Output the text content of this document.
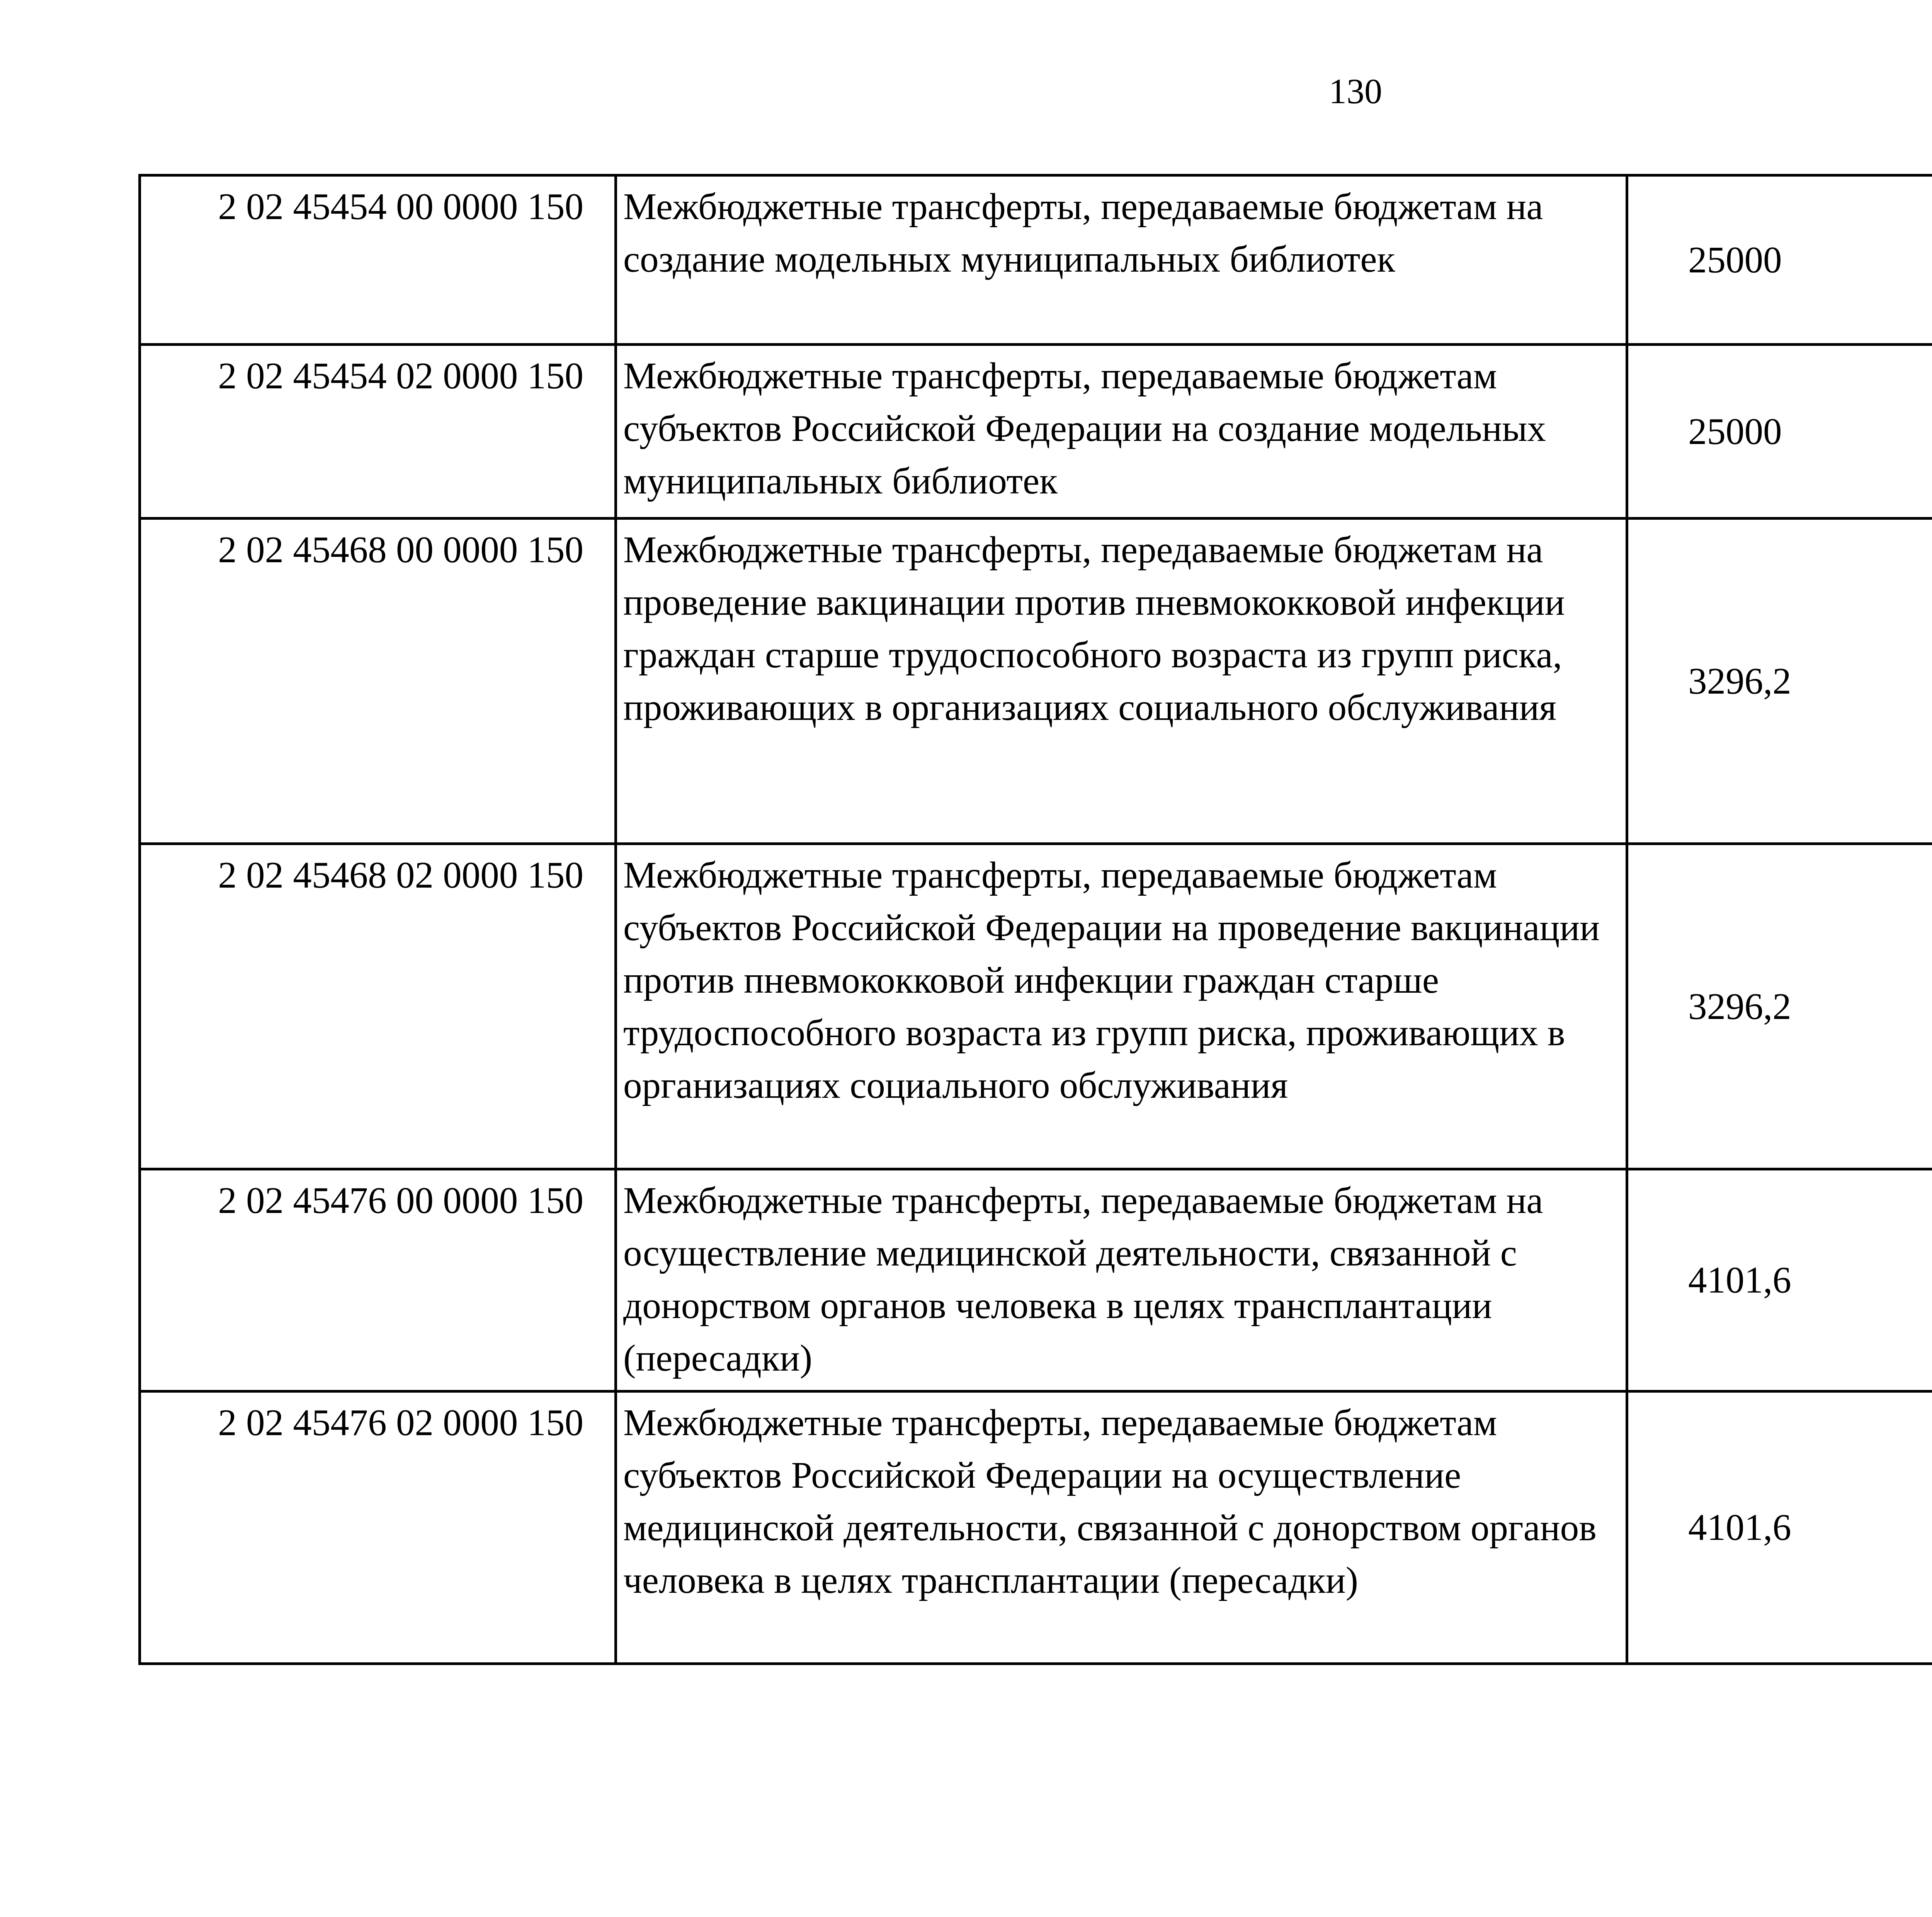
130
2 02 45454 00 0000 150	Межбюджетные трансферты, передаваемые бюджетам на создание модельных муниципальных библиотек	25000		
2 02 45454 02 0000 150	Межбюджетные трансферты, передаваемые бюджетам субъектов Российской Федерации на создание модельных муниципальных библиотек	25000		
2 02 45468 00 0000 150	Межбюджетные трансферты, передаваемые бюджетам на проведение вакцинации против пневмококковой инфекции граждан старше трудоспособного возраста из групп риска, проживающих в организациях социального обслуживания	3296,2		
2 02 45468 02 0000 150	Межбюджетные трансферты, передаваемые бюджетам субъектов Российской Федерации на проведение вакцинации против пневмококковой инфекции граждан старше трудоспособного возраста из групп риска, проживающих в организациях социального обслуживания	3296,2		
2 02 45476 00 0000 150	Межбюджетные трансферты, передаваемые бюджетам на осуществление медицинской деятельности, связанной с донорством органов человека в целях трансплантации (пересадки)	4101,6		
2 02 45476 02 0000 150	Межбюджетные трансферты, передаваемые бюджетам субъектов Российской Федерации на осуществление медицинской деятельности, связанной с донорством органов человека в целях трансплантации (пересадки)	4101,6		
